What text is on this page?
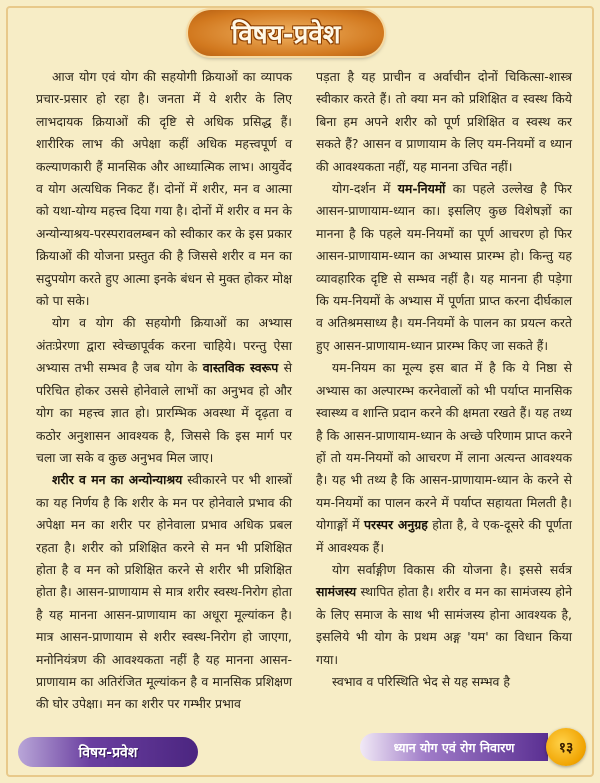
विषय-प्रवेश

आज योग एवं योग की सहयोगी क्रियाओं का व्यापक प्रचार-प्रसार हो रहा है। जनता में ये शरीर के लिए लाभदायक क्रियाओं की दृष्टि से अधिक प्रसिद्ध हैं। शारीरिक लाभ की अपेक्षा कहीं अधिक महत्त्वपूर्ण व कल्याणकारी हैं मानसिक और आध्यात्मिक लाभ। आयुर्वेद व योग अत्यधिक निकट हैं। दोनों में शरीर, मन व आत्मा को यथा-योग्य महत्त्व दिया गया है। दोनों में शरीर व मन के अन्योन्याश्रय-परस्परावलम्बन को स्वीकार कर के इस प्रकार क्रियाओं की योजना प्रस्तुत की है जिससे शरीर व मन का सदुपयोग करते हुए आत्मा इनके बंधन से मुक्त होकर मोक्ष को पा सके।

योग व योग की सहयोगी क्रियाओं का अभ्यास अंतःप्रेरणा द्वारा स्वेच्छापूर्वक करना चाहिये। परन्तु ऐसा अभ्यास तभी सम्भव है जब योग के वास्तविक स्वरूप से परिचित होकर उससे होनेवाले लाभों का अनुभव हो और योग का महत्त्व ज्ञात हो। प्रारम्भिक अवस्था में दृढ़ता व कठोर अनुशासन आवश्यक है, जिससे कि इस मार्ग पर चला जा सके व कुछ अनुभव मिल जाए।

शरीर व मन का अन्योन्याश्रय स्वीकारने पर भी शास्त्रों का यह निर्णय है कि शरीर के मन पर होनेवाले प्रभाव की अपेक्षा मन का शरीर पर होनेवाला प्रभाव अधिक प्रबल रहता है। शरीर को प्रशिक्षित करने से मन भी प्रशिक्षित होता है व मन को प्रशिक्षित करने से शरीर भी प्रशिक्षित होता है। आसन-प्राणायाम से मात्र शरीर स्वस्थ-निरोग होता है यह मानना आसन-प्राणायाम का अधूरा मूल्यांकन है। मात्र आसन-प्राणायाम से शरीर स्वस्थ-निरोग हो जाएगा, मनोनियंत्रण की आवश्यकता नहीं है यह मानना आसन-प्राणायाम का अतिरंजित मूल्यांकन है व मानसिक प्रशिक्षण की घोर उपेक्षा। मन का शरीर पर गम्भीर प्रभाव

पड़ता है यह प्राचीन व अर्वाचीन दोनों चिकित्सा-शास्त्र स्वीकार करते हैं। तो क्या मन को प्रशिक्षित व स्वस्थ किये बिना हम अपने शरीर को पूर्ण प्रशिक्षित व स्वस्थ कर सकते हैं? आसन व प्राणायाम के लिए यम-नियमों व ध्यान की आवश्यकता नहीं, यह मानना उचित नहीं।

योग-दर्शन में यम-नियमों का पहले उल्लेख है फिर आसन-प्राणायाम-ध्यान का। इसलिए कुछ विशेषज्ञों का मानना है कि पहले यम-नियमों का पूर्ण आचरण हो फिर आसन-प्राणायाम-ध्यान का अभ्यास प्रारम्भ हो। किन्तु यह व्यावहारिक दृष्टि से सम्भव नहीं है। यह मानना ही पड़ेगा कि यम-नियमों के अभ्यास में पूर्णता प्राप्त करना दीर्घकाल व अतिश्रमसाध्य है। यम-नियमों के पालन का प्रयत्न करते हुए आसन-प्राणायाम-ध्यान प्रारम्भ किए जा सकते हैं।

यम-नियम का मूल्य इस बात में है कि ये निष्ठा से अभ्यास का अल्पारम्भ करनेवालों को भी पर्याप्त मानसिक स्वास्थ्य व शान्ति प्रदान करने की क्षमता रखते हैं। यह तथ्य है कि आसन-प्राणायाम-ध्यान के अच्छे परिणाम प्राप्त करने हों तो यम-नियमों को आचरण में लाना अत्यन्त आवश्यक है। यह भी तथ्य है कि आसन-प्राणायाम-ध्यान के करने से यम-नियमों का पालन करने में पर्याप्त सहायता मिलती है। योगाङ्गों में परस्पर अनुग्रह होता है, वे एक-दूसरे की पूर्णता में आवश्यक हैं।

योग सर्वाङ्गीण विकास की योजना है। इससे सर्वत्र सामंजस्य स्थापित होता है। शरीर व मन का सामंजस्य होने के लिए समाज के साथ भी सामंजस्य होना आवश्यक है, इसलिये भी योग के प्रथम अङ्ग 'यम' का विधान किया गया।

स्वभाव व परिस्थिति भेद से यह सम्भव है

विषय-प्रवेश	ध्यान योग एवं रोग निवारण	१३
